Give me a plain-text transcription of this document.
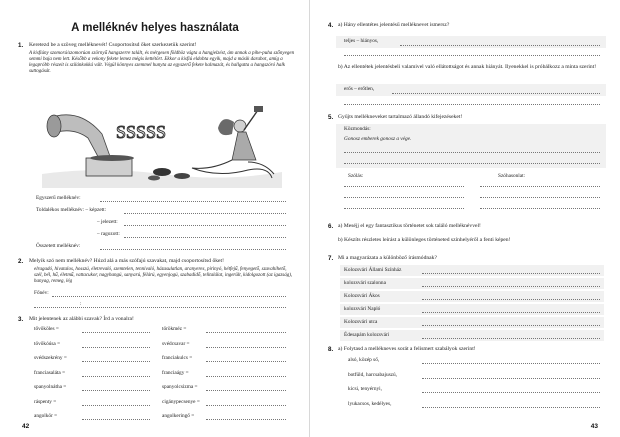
A melléknév helyes használata
1. Keretezd be a szöveg melléknevét! Csoportosítsd őket szerkezetük szerint!
A kisfiúny szomorú/szomorúan szörnyű hangszerre talált, és mérgesen földhöz vágta a hangjelzést, ám annak a pihe-puha szőnyegen semmi baja nem lett. Később a vekony fekete lemez mégis kettétört. Ekkor a kisfiú eldobta egyik, majd a másik darabot, amíg a legapróbb részeit is szilánkokká vált. Végül könnyes szemmel hunyta az egyszerű fekete halmazát, és hallgatta a hangszóró halk suttogását.
SSSSS
Egyszerű melléknév:
Toldalékos melléknév: – képzett:
– jelezett:
– ragozott:
Összetett melléknév:
2. Melyik szó nem melléknév? Húzd alá a más szófajú szavakat, majd csoportosítsd őket!
elragadó, hivatalos, hosszú, életrevaló, szemtelen, tennivaló, házasulatlan, aranyeres, pirinyó, hétfejű, fenyegető, szavahihető, szél, bél, hű, életmű, vattacukor, nagyhangú, sanyarú, félárú, egyenjogú, szabadidő, telitalálat, ingerült, kidolgozott (az igazság), hanyag, remeg, lég
Főnév:
:
3. Mit jelentenek az alábbi szavak? Írd a vonalra!
tővőköles =
tövőkóúsa =
svédszekrény =
franciasaláta =
spanyolnátha =
ráspenty =
angolkör =
törökméz =
svédcsavar =
franciakulcs =
franciaágy =
spanyolcsizma =
cigánypecsenye =
angolkeringő =
42
4. a) Hány ellentétes jelentésű melléknevet ismersz?
teljes – hiányos,
b) Az ellentétek jelentésbeli valamivel való ellátottságot és annak hiányát. Ilyenekkel is próbálkozz a minta szerint!
erős – erőtlen,
5. Gyűjts mellékneveket tartalmazó állandó kifejezéseket!
Közmondás:
Gonosz emberek gonosz a vége.
Szólás:	Szóhasonlat:
6. a) Meséjj el egy fantasztikus történetet sok találó melléknévvel!
b) Készíts részletes leírást a különleges történeted színhelyéről a fenti képen!
7. Mi a magyarázata a különböző írásmódnak?
Kolozsvári Állami Színház
kolozsvári szalonna
Kolozsvári Ákos
kolozsvári Napló
Kolozsvári utca
Édesapám kolozsvári
8. a) Folytasd a mellékneves sorát a felismert szabályok szerint!
alsó, közép ső,
botfüld, harcsabajuszú,
kicsi, tenyérnyi,
lyukacsos, kedélyes,
43
